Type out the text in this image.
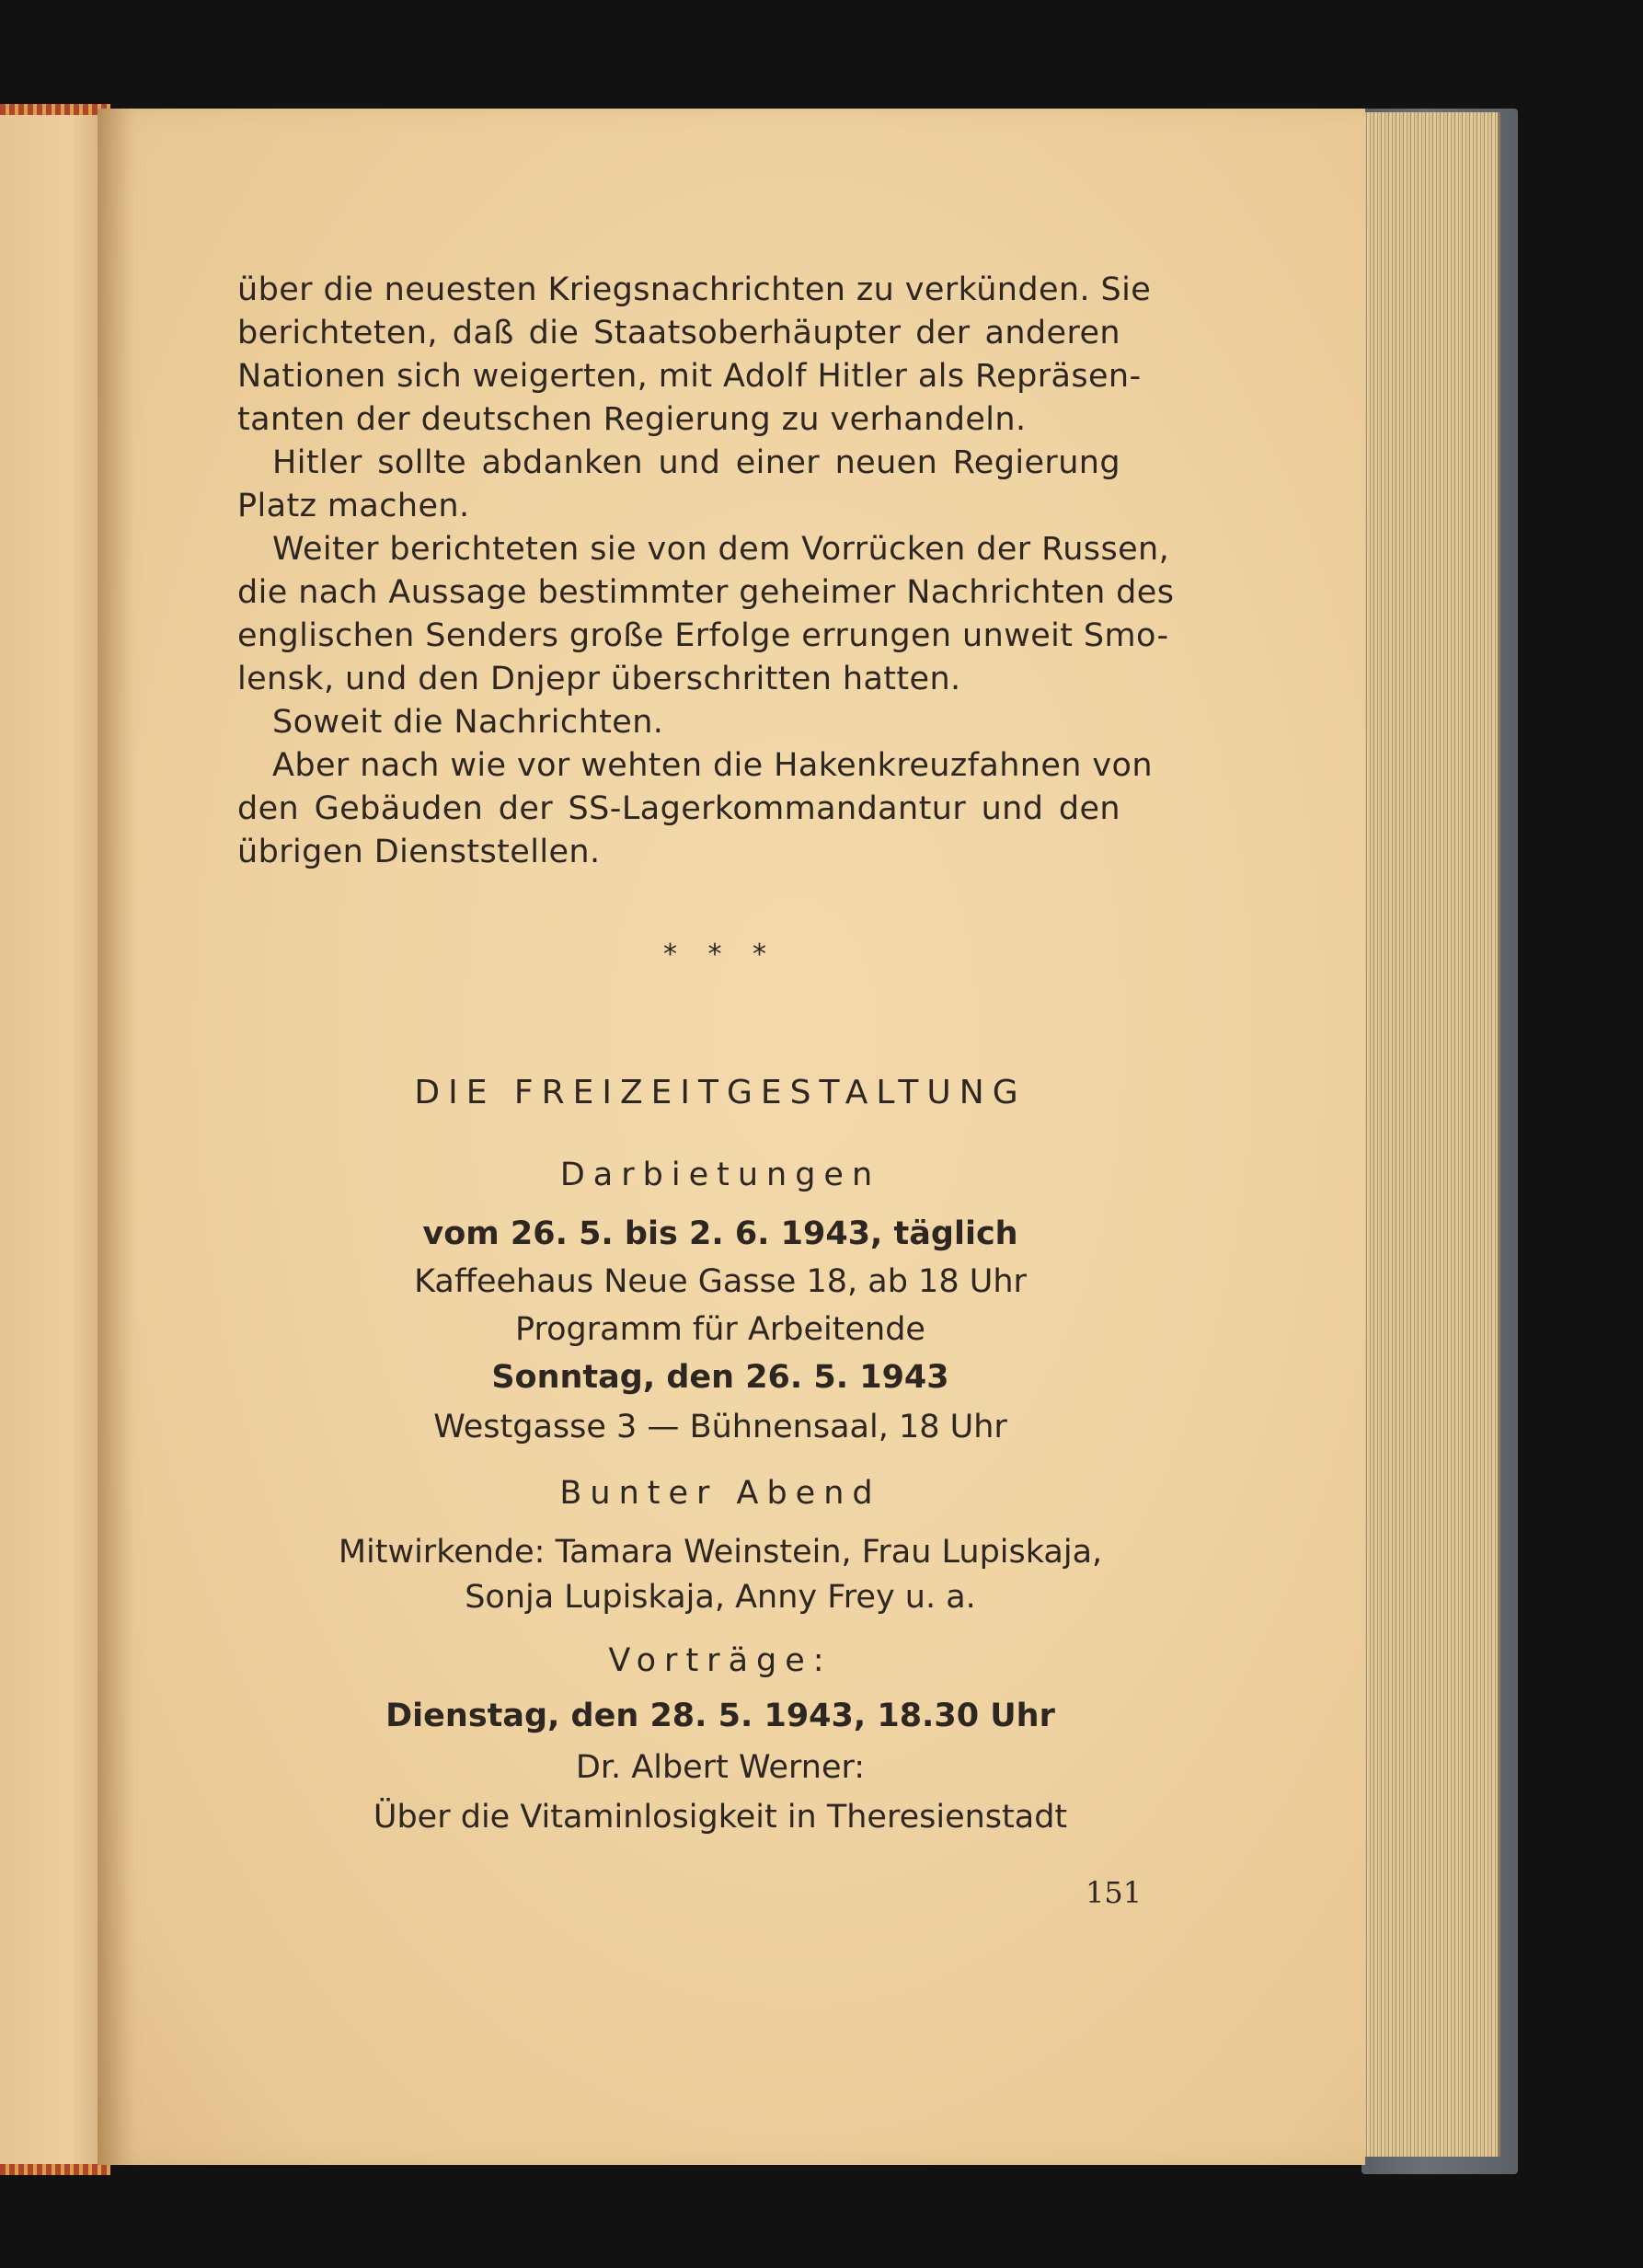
über die neuesten Kriegsnachrichten zu verkünden. Sie
berichteten, daß die Staatsoberhäupter der anderen
Nationen sich weigerten, mit Adolf Hitler als Repräsen-
tanten der deutschen Regierung zu verhandeln.
Hitler sollte abdanken und einer neuen Regierung
Platz machen.
Weiter berichteten sie von dem Vorrücken der Russen,
die nach Aussage bestimmter geheimer Nachrichten des
englischen Senders große Erfolge errungen unweit Smo-
lensk, und den Dnjepr überschritten hatten.
Soweit die Nachrichten.
Aber nach wie vor wehten die Hakenkreuzfahnen von
den Gebäuden der SS-Lagerkommandantur und den
übrigen Dienststellen.
* * *
DIE FREIZEITGESTALTUNG
Darbietungen
vom 26. 5. bis 2. 6. 1943, täglich
Kaffeehaus Neue Gasse 18, ab 18 Uhr
Programm für Arbeitende
Sonntag, den 26. 5. 1943
Westgasse 3 — Bühnensaal, 18 Uhr
Bunter Abend
Mitwirkende: Tamara Weinstein, Frau Lupiskaja,
Sonja Lupiskaja, Anny Frey u. a.
Vorträge:
Dienstag, den 28. 5. 1943, 18.30 Uhr
Dr. Albert Werner:
Über die Vitaminlosigkeit in Theresienstadt
151
